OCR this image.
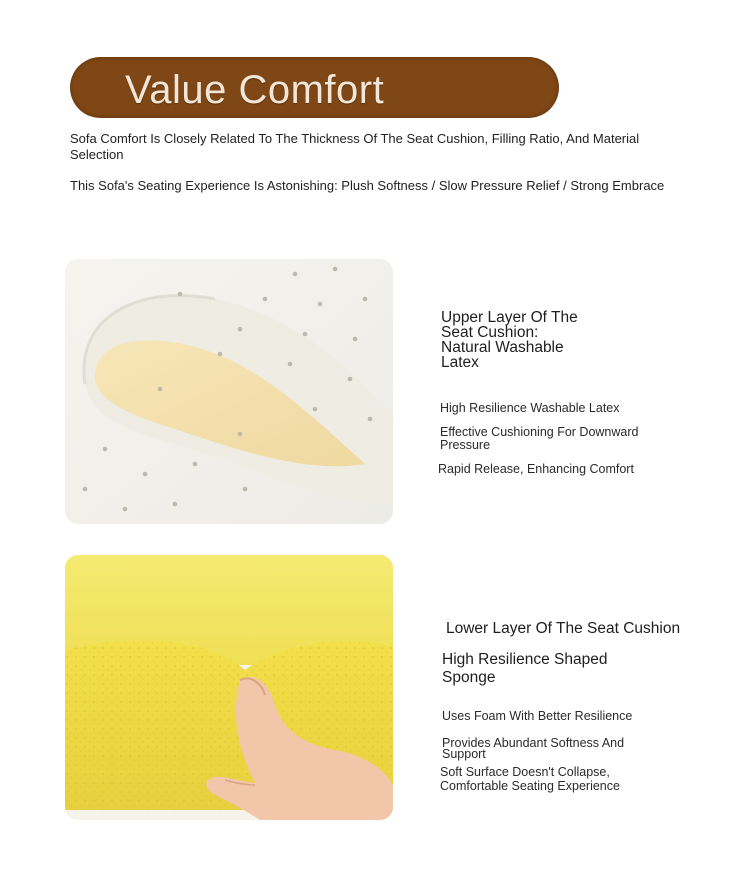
Value Comfort
Sofa Comfort Is Closely Related To The Thickness Of The Seat Cushion, Filling Ratio, And Material Selection
This Sofa's Seating Experience Is Astonishing: Plush Softness / Slow Pressure Relief / Strong Embrace
Upper Layer Of The Seat Cushion: Natural Washable Latex
High Resilience Washable Latex
Effective Cushioning For Downward Pressure
Rapid Release, Enhancing Comfort
Lower Layer Of The Seat Cushion
High Resilience Shaped Sponge
Uses Foam With Better Resilience
Provides Abundant Softness And Support
Soft Surface Doesn't Collapse, Comfortable Seating Experience
